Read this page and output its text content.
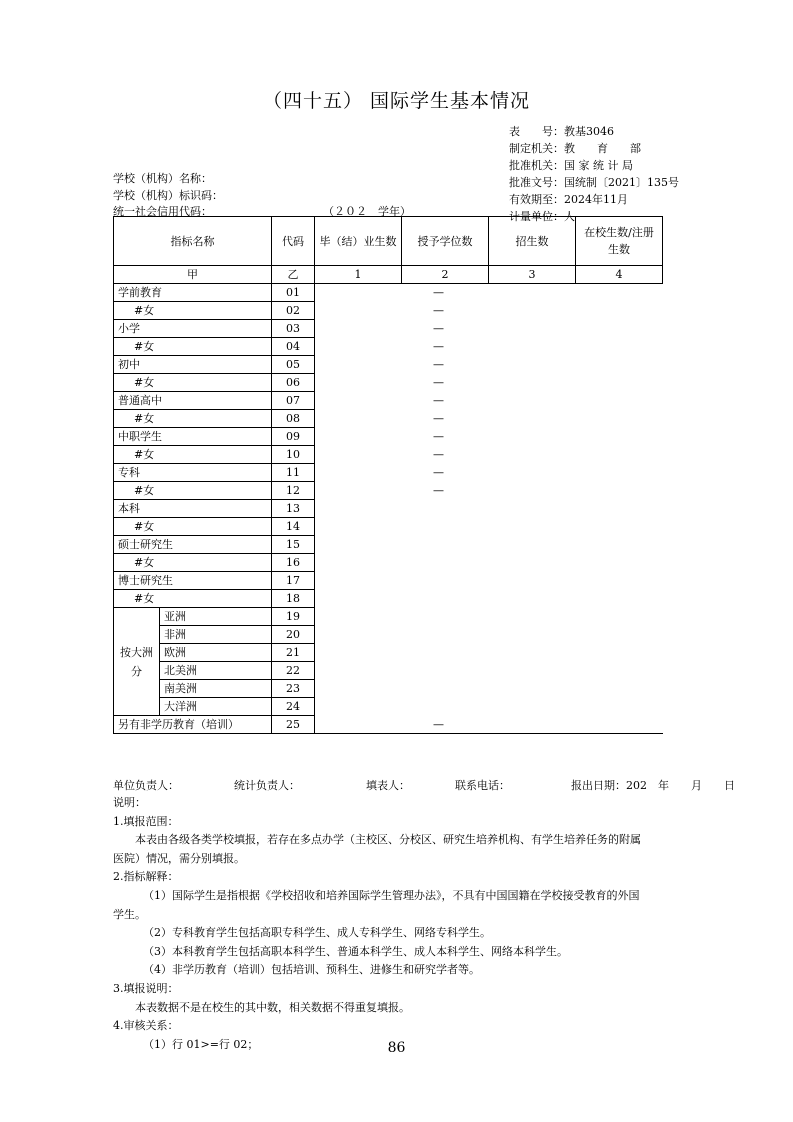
（四十五） 国际学生基本情况
表　　号：教基3046
制定机关：教　　育　　部
批准机关：国 家 统 计 局
批准文号：国统制〔2021〕135号
有效期至：2024年11月
计量单位：人
学校（机构）名称：
学校（机构）标识码：
统一社会信用代码：	（２０２　学年）
指标名称		代码	毕（结）业生数	授予学位数	招生数	在校生数/注册生数
甲		乙	1	2	3	4
学前教育		01	—			
#女		02	—			
小学		03	—			
#女		04	—			
初中		05	—			
#女		06	—			
普通高中		07	—			
#女		08	—			
中职学生		09	—			
#女		10	—			
专科		11	—			
#女		12	—			
本科		13				
#女		14				
硕士研究生		15				
#女		16				
博士研究生		17				
#女		18				
按大洲分	亚洲	19				
	非洲	20				
	欧洲	21				
	北美洲	22				
	南美洲	23				
	大洋洲	24				
另有非学历教育（培训）		25	—			
单位负责人：	统计负责人：	填表人：	联系电话：	报出日期：202　年　　月　　日

说明：

1.填报范围：

本表由各级各类学校填报，若存在多点办学（主校区、分校区、研究生培养机构、有学生培养任务的附属

医院）情况，需分别填报。

2.指标解释：

（1）国际学生是指根据《学校招收和培养国际学生管理办法》，不具有中国国籍在学校接受教育的外国

学生。

（2）专科教育学生包括高职专科学生、成人专科学生、网络专科学生。

（3）本科教育学生包括高职本科学生、普通本科学生、成人本科学生、网络本科学生。

（4）非学历教育（培训）包括培训、预科生、进修生和研究学者等。

3.填报说明：

本表数据不是在校生的其中数，相关数据不得重复填报。

4.审核关系：

（1）行 01>=行 02；	86
